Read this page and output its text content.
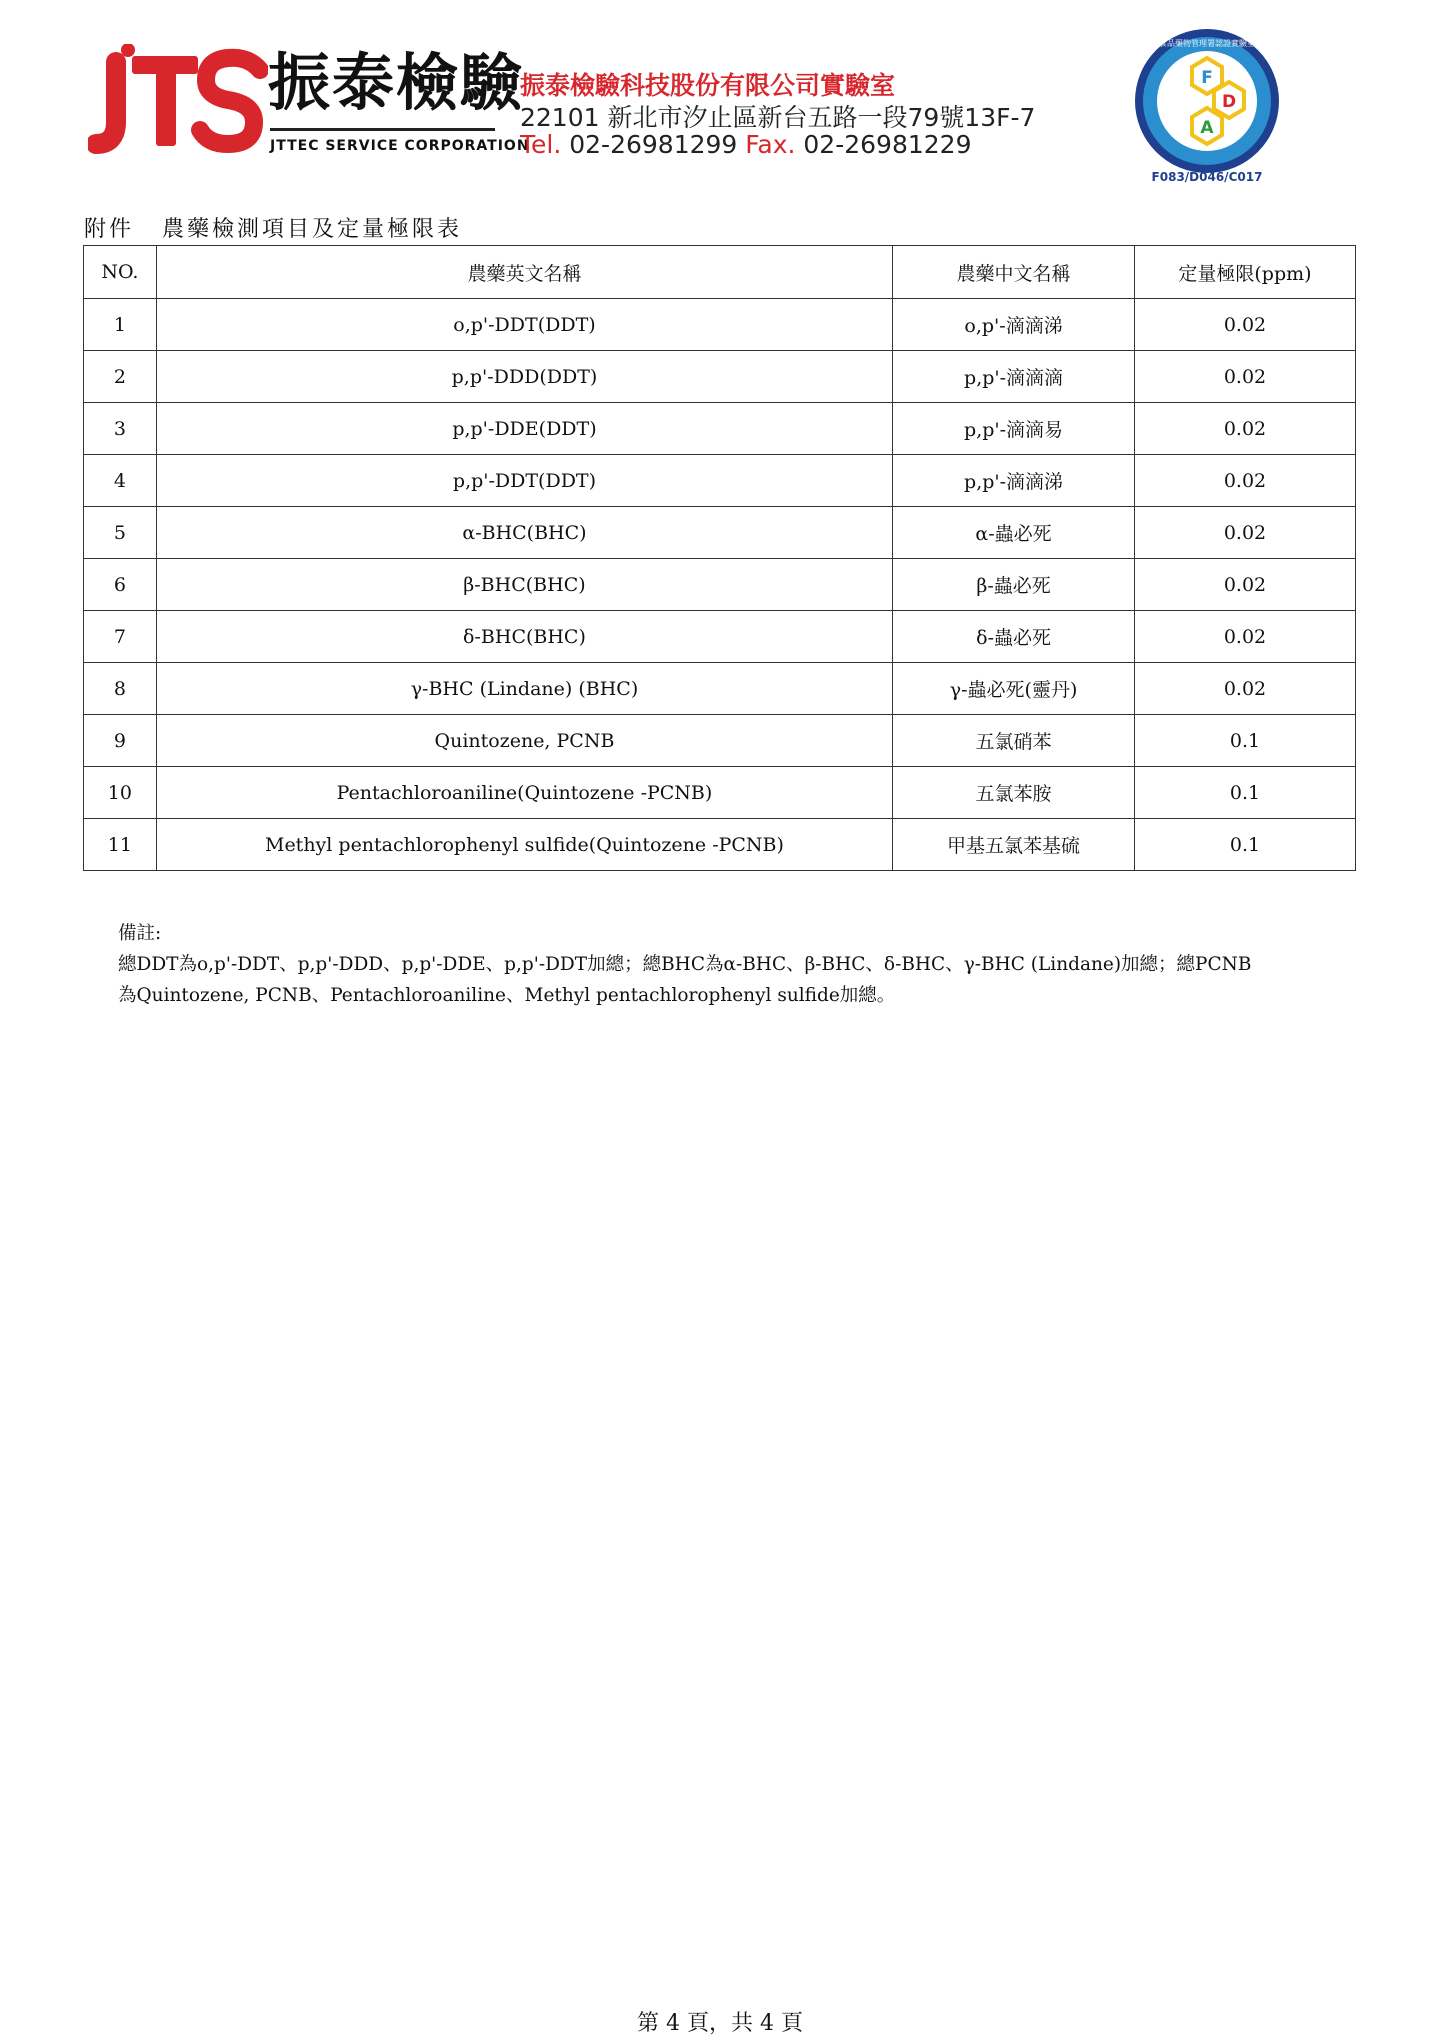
振泰檢驗
JTTEC SERVICE CORPORATION
振泰檢驗科技股份有限公司實驗室
22101 新北市汐止區新台五路一段79號13F-7
Tel. 02-26981299 Fax. 02-26981229
食品藥物管理署認證實驗室
F
D
A
F083/D046/C017
附件 農藥檢測項目及定量極限表
NO.	農藥英文名稱	農藥中文名稱	定量極限(ppm)
1	o,p'-DDT(DDT)	o,p'-滴滴涕	0.02
2	p,p'-DDD(DDT)	p,p'-滴滴滴	0.02
3	p,p'-DDE(DDT)	p,p'-滴滴易	0.02
4	p,p'-DDT(DDT)	p,p'-滴滴涕	0.02
5	α-BHC(BHC)	α-蟲必死	0.02
6	β-BHC(BHC)	β-蟲必死	0.02
7	δ-BHC(BHC)	δ-蟲必死	0.02
8	γ-BHC (Lindane) (BHC)	γ-蟲必死(靈丹)	0.02
9	Quintozene, PCNB	五氯硝苯	0.1
10	Pentachloroaniline(Quintozene -PCNB)	五氯苯胺	0.1
11	Methyl pentachlorophenyl sulfide(Quintozene -PCNB)	甲基五氯苯基硫	0.1
備註:
總DDT為o,p'-DDT、p,p'-DDD、p,p'-DDE、p,p'-DDT加總；總BHC為α-BHC、β-BHC、δ-BHC、γ-BHC (Lindane)加總；總PCNB
為Quintozene, PCNB、Pentachloroaniline、Methyl pentachlorophenyl sulfide加總。
第 4 頁，共 4 頁
